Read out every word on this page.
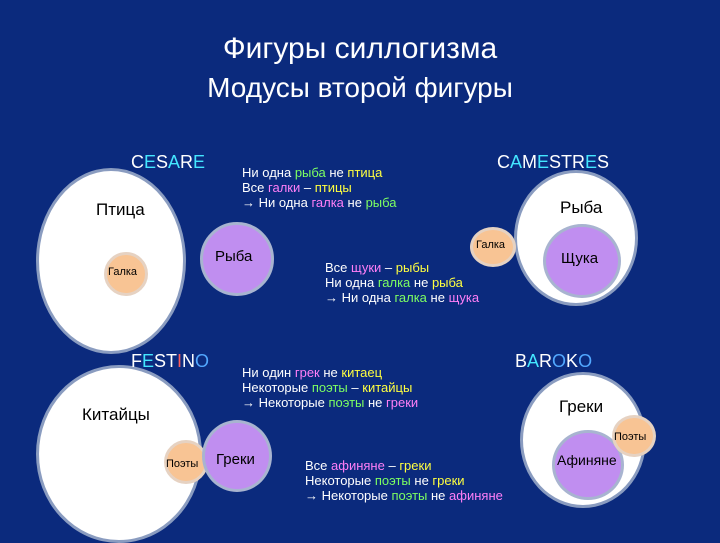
Фигуры силлогизма
Модусы второй фигуры
CESARE
Птица
Галка
Рыба
Ни одна рыба не птица
Все галки – птицы
→ Ни одна галка не рыба
CAMESTRES
Рыба
Щука
Галка
Все щуки – рыбы
Ни одна галка не рыба
→ Ни одна галка не щука
FESTINO
Китайцы
Поэты Греки
Ни один грек не китаец
Некоторые поэты – китайцы
→ Некоторые поэты не греки
BAROKO
Греки
Афиняне
Поэты
Все афиняне – греки
Некоторые поэты не греки
→ Некоторые поэты не афиняне
